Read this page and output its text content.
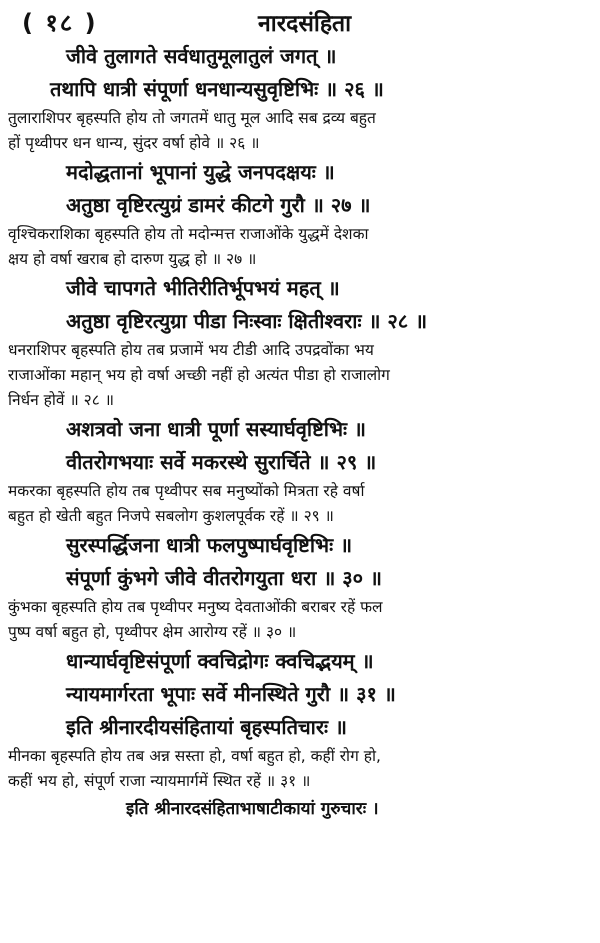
( १८ )	नारदसंहिता
जीवे तुलागते सर्वधातुमूलातुलं जगत् ॥
तथापि धात्री संपूर्णा धनधान्यसुवृष्टिभिः ॥ २६ ॥
तुलाराशिपर बृहस्पति होय तो जगतमें धातु मूल आदि सब द्रव्य बहुत
हों पृथ्वीपर धन धान्य, सुंदर वर्षा होवे ॥ २६ ॥
मदोद्धतानां भूपानां युद्धे जनपदक्षयः ॥
अतुष्ठा वृष्टिरत्युग्रं डामरं कीटगे गुरौ ॥ २७ ॥
वृश्चिकराशिका बृहस्पति होय तो मदोन्मत्त राजाओंके युद्धमें देशका
क्षय हो वर्षा खराब हो दारुण युद्ध हो ॥ २७ ॥
जीवे चापगते भीतिरीतिर्भूपभयं महत् ॥
अतुष्ठा वृष्टिरत्युग्रा पीडा निःस्वाः क्षितीश्वराः ॥ २८ ॥
धनराशिपर बृहस्पति होय तब प्रजामें भय टीडी आदि उपद्रवोंका भय
राजाओंका महान् भय हो वर्षा अच्छी नहीं हो अत्यंत पीडा हो राजालोग
निर्धन होवें ॥ २८ ॥
अशत्रवो जना धात्री पूर्णा सस्यार्घवृष्टिभिः ॥
वीतरोगभयाः सर्वे मकरस्थे सुरार्चिते ॥ २९ ॥
मकरका बृहस्पति होय तब पृथ्वीपर सब मनुष्योंको मित्रता रहे वर्षा
बहुत हो खेती बहुत निजपे सबलोग कुशलपूर्वक रहें ॥ २९ ॥
सुरस्पर्द्धिजना धात्री फलपुष्पार्घवृष्टिभिः ॥
संपूर्णा कुंभगे जीवे वीतरोगयुता धरा ॥ ३० ॥
कुंभका बृहस्पति होय तब पृथ्वीपर मनुष्य देवताओंकी बराबर रहें फल
पुष्प वर्षा बहुत हो, पृथ्वीपर क्षेम आरोग्य रहें ॥ ३० ॥
धान्यार्घवृष्टिसंपूर्णा क्वचिद्रोगः क्वचिद्भयम् ॥
न्यायमार्गरता भूपाः सर्वे मीनस्थिते गुरौ ॥ ३१ ॥
इति श्रीनारदीयसंहितायां बृहस्पतिचारः ॥
मीनका बृहस्पति होय तब अन्न सस्ता हो, वर्षा बहुत हो, कहीं रोग हो,
कहीं भय हो, संपूर्ण राजा न्यायमार्गमें स्थित रहें ॥ ३१ ॥
इति श्रीनारदसंहिताभाषाटीकायां गुरुचारः ।
